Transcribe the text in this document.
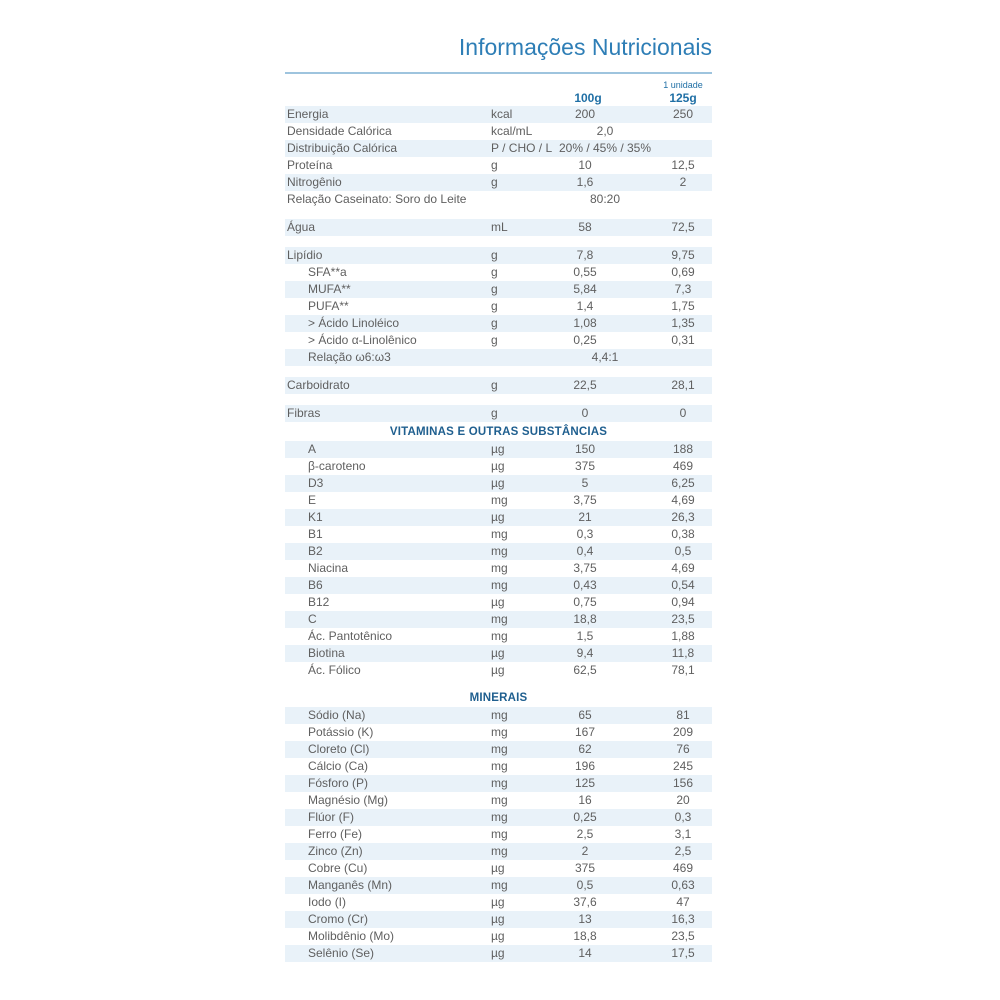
Informações Nutricionais
1 unidade
100g	125g
Energia	kcal	200	250
Densidade Calórica	kcal/mL	2,0
Distribuição Calórica	P / CHO / L 20% / 45% / 35%
Proteína	g	10	12,5
Nitrogênio	g	1,6	2
Relação Caseinato: Soro do Leite	80:20
Água	mL	58	72,5
Lipídio	g	7,8	9,75
SFA**a	g	0,55	0,69
MUFA**	g	5,84	7,3
PUFA**	g	1,4	1,75
> Ácido Linoléico	g	1,08	1,35
> Ácido α-Linolênico	g	0,25	0,31
Relação ω6:ω3	4,4:1
Carboidrato	g	22,5	28,1
Fibras	g	0	0
VITAMINAS E OUTRAS SUBSTÂNCIAS
A	µg	150	188
β-caroteno	µg	375	469
D3	µg	5	6,25
E	mg	3,75	4,69
K1	µg	21	26,3
B1	mg	0,3	0,38
B2	mg	0,4	0,5
Niacina	mg	3,75	4,69
B6	mg	0,43	0,54
B12	µg	0,75	0,94
C	mg	18,8	23,5
Ác. Pantotênico	mg	1,5	1,88
Biotina	µg	9,4	11,8
Ác. Fólico	µg	62,5	78,1
MINERAIS
Sódio (Na)	mg	65	81
Potássio (K)	mg	167	209
Cloreto (Cl)	mg	62	76
Cálcio (Ca)	mg	196	245
Fósforo (P)	mg	125	156
Magnésio (Mg)	mg	16	20
Flúor (F)	mg	0,25	0,3
Ferro (Fe)	mg	2,5	3,1
Zinco (Zn)	mg	2	2,5
Cobre (Cu)	µg	375	469
Manganês (Mn)	mg	0,5	0,63
Iodo (I)	µg	37,6	47
Cromo (Cr)	µg	13	16,3
Molibdênio (Mo)	µg	18,8	23,5
Selênio (Se)	µg	14	17,5
